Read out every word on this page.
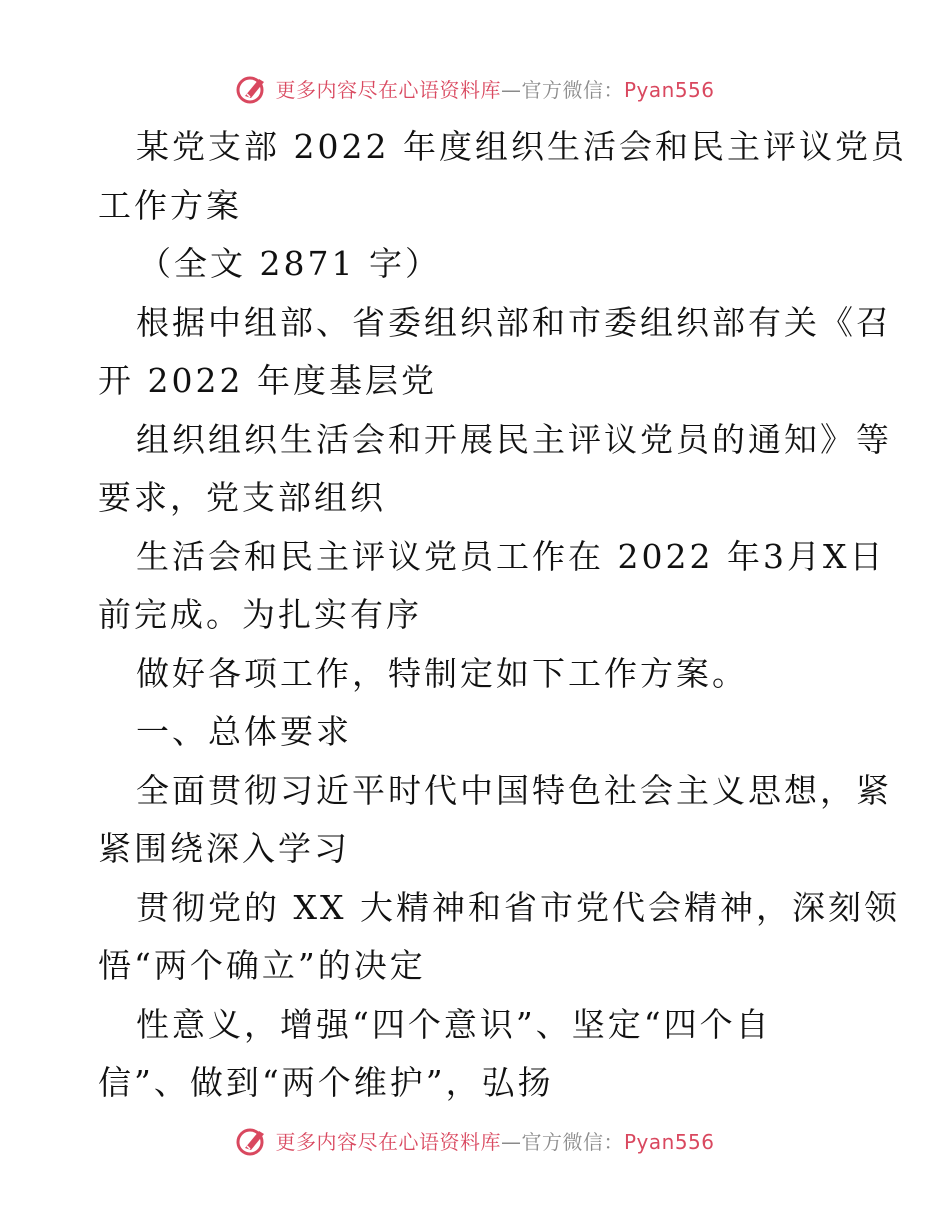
更多内容尽在心语资料库—官方微信：Pyan556
某党支部 2022 年度组织生活会和民主评议党员
工作方案
（全文 2871 字）
根据中组部、省委组织部和市委组织部有关《召
开 2022 年度基层党
组织组织生活会和开展民主评议党员的通知》等
要求，党支部组织
生活会和民主评议党员工作在 2022 年3月X日
前完成。为扎实有序
做好各项工作，特制定如下工作方案。
一、总体要求
全面贯彻习近平时代中国特色社会主义思想，紧
紧围绕深入学习
贯彻党的 XX 大精神和省市党代会精神，深刻领
悟“两个确立”的决定
性意义，增强“四个意识”、坚定“四个自
信”、做到“两个维护”，弘扬
更多内容尽在心语资料库—官方微信：Pyan556
